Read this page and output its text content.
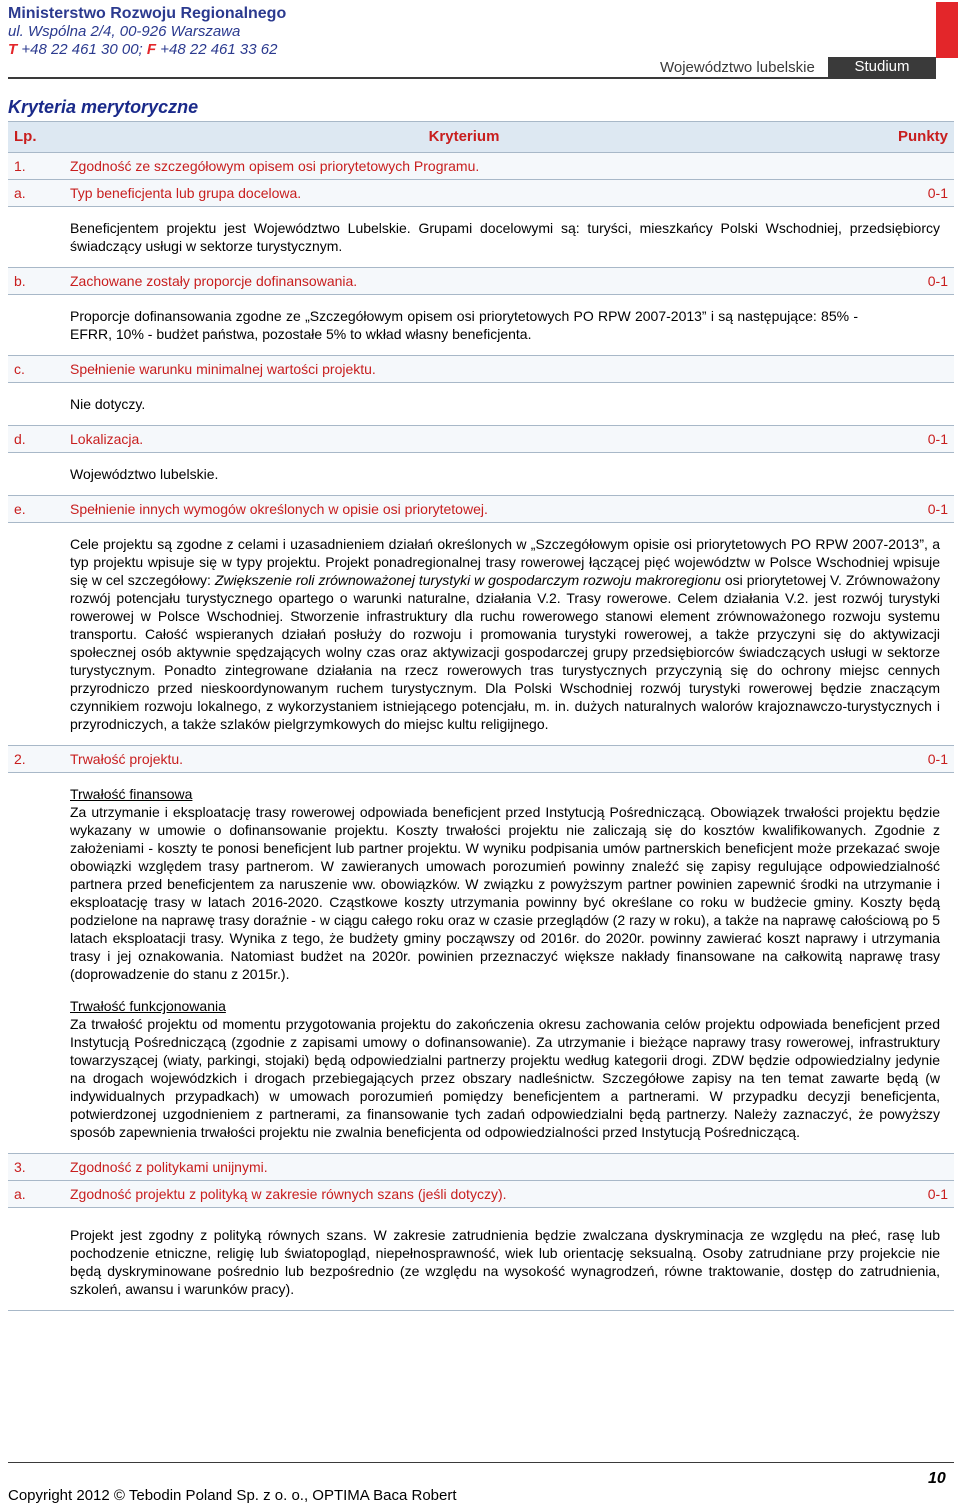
Ministerstwo Rozwoju Regionalnego
ul. Wspólna 2/4, 00-926 Warszawa
T +48 22 461 30 00; F +48 22 461 33 62
Województwo lubelskie	Studium
Kryteria merytoryczne
Lp.	Kryterium	Punkty
1.	Zgodność ze szczegółowym opisem osi priorytetowych Programu.	
a.	Typ beneficjenta lub grupa docelowa.	0-1

	Beneficjentem projektu jest Województwo Lubelskie. Grupami docelowymi są: turyści, mieszkańcy Polski Wschodniej, przedsiębiorcy świadczący usługi w sektorze turystycznym.	

b.	Zachowane zostały proporcje dofinansowania.	0-1

	Proporcje dofinansowania zgodne ze „Szczegółowym opisem osi priorytetowych PO RPW 2007-2013” i są następujące: 85% - EFRR, 10% - budżet państwa, pozostałe 5% to wkład własny beneficjenta.	

c.	Spełnienie warunku minimalnej wartości projektu.	

	Nie dotyczy.	

d.	Lokalizacja.	0-1

	Województwo lubelskie.	

e.	Spełnienie innych wymogów określonych w opisie osi priorytetowej.	0-1

	Cele projektu są zgodne z celami i uzasadnieniem działań określonych w „Szczegółowym opisie osi priorytetowych PO RPW 2007-2013”, a typ projektu wpisuje się w typy projektu. Projekt ponadregionalnej trasy rowerowej łączącej pięć województw w Polsce Wschodniej wpisuje się w cel szczegółowy: Zwiększenie roli zrównoważonej turystyki w gospodarczym rozwoju makroregionu osi priorytetowej V. Zrównoważony rozwój potencjału turystycznego opartego o warunki naturalne, działania V.2. Trasy rowerowe. Celem działania V.2. jest rozwój turystyki rowerowej w Polsce Wschodniej. Stworzenie infrastruktury dla ruchu rowerowego stanowi element zrównoważonego rozwoju systemu transportu. Całość wspieranych działań posłuży do rozwoju i promowania turystyki rowerowej, a także przyczyni się do aktywizacji społecznej osób aktywnie spędzających wolny czas oraz aktywizacji gospodarczej grupy przedsiębiorców świadczących usługi w sektorze turystycznym. Ponadto zintegrowane działania na rzecz rowerowych tras turystycznych przyczynią się do ochrony miejsc cennych przyrodniczo przed nieskoordynowanym ruchem turystycznym. Dla Polski Wschodniej rozwój turystyki rowerowej będzie znaczącym czynnikiem rozwoju lokalnego, z wykorzystaniem istniejącego potencjału, m. in. dużych naturalnych walorów krajoznawczo-turystycznych i przyrodniczych, a także szlaków pielgrzymkowych do miejsc kultu religijnego.	

2.	Trwałość projektu.	0-1

	Trwałość finansowa
Za utrzymanie i eksploatację trasy rowerowej odpowiada beneficjent przed Instytucją Pośredniczącą. Obowiązek trwałości projektu będzie wykazany w umowie o dofinansowanie projektu. Koszty trwałości projektu nie zaliczają się do kosztów kwalifikowanych. Zgodnie z założeniami - koszty te ponosi beneficjent lub partner projektu. W wyniku podpisania umów partnerskich beneficjent może przekazać swoje obowiązki względem trasy partnerom. W zawieranych umowach porozumień powinny znaleźć się zapisy regulujące odpowiedzialność partnera przed beneficjentem za naruszenie ww. obowiązków. W związku z powyższym partner powinien zapewnić środki na utrzymanie i eksploatację trasy w latach 2016-2020. Cząstkowe koszty utrzymania powinny być określane co roku w budżecie gminy. Koszty będą podzielone na naprawę trasy doraźnie - w ciągu całego roku oraz w czasie przeglądów (2 razy w roku), a także na naprawę całościową po 5 latach eksploatacji trasy. Wynika z tego, że budżety gminy począwszy od 2016r. do 2020r. powinny zawierać koszt naprawy i utrzymania trasy i jej oznakowania. Natomiast budżet na 2020r. powinien przeznaczyć większe nakłady finansowane na całkowitą naprawę trasy (doprowadzenie do stanu z 2015r.).

Trwałość funkcjonowania
Za trwałość projektu od momentu przygotowania projektu do zakończenia okresu zachowania celów projektu odpowiada beneficjent przed Instytucją Pośredniczącą (zgodnie z zapisami umowy o dofinansowanie). Za utrzymanie i bieżące naprawy trasy rowerowej, infrastruktury towarzyszącej (wiaty, parkingi, stojaki) będą odpowiedzialni partnerzy projektu według kategorii drogi. ZDW będzie odpowiedzialny jedynie na drogach wojewódzkich i drogach przebiegających przez obszary nadleśnictw. Szczegółowe zapisy na ten temat zawarte będą (w indywidualnych przypadkach) w umowach porozumień pomiędzy beneficjentem a partnerami. W przypadku decyzji beneficjenta, potwierdzonej uzgodnieniem z partnerami, za finansowanie tych zadań odpowiedzialni będą partnerzy. Należy zaznaczyć, że powyższy sposób zapewnienia trwałości projektu nie zwalnia beneficjenta od odpowiedzialności przed Instytucją Pośredniczącą.	

3.	Zgodność z politykami unijnymi.	
a.	Zgodność projektu z polityką w zakresie równych szans (jeśli dotyczy).	0-1

	Projekt jest zgodny z polityką równych szans. W zakresie zatrudnienia będzie zwalczana dyskryminacja ze względu na płeć, rasę lub pochodzenie etniczne, religię lub światopogląd, niepełnosprawność, wiek lub orientację seksualną. Osoby zatrudniane przy projekcie nie będą dyskryminowane pośrednio lub bezpośrednio (ze względu na wysokość wynagrodzeń, równe traktowanie, dostęp do zatrudnienia, szkoleń, awansu i warunków pracy).	

10
Copyright 2012 © Tebodin Poland Sp. z o. o., OPTIMA Baca Robert
